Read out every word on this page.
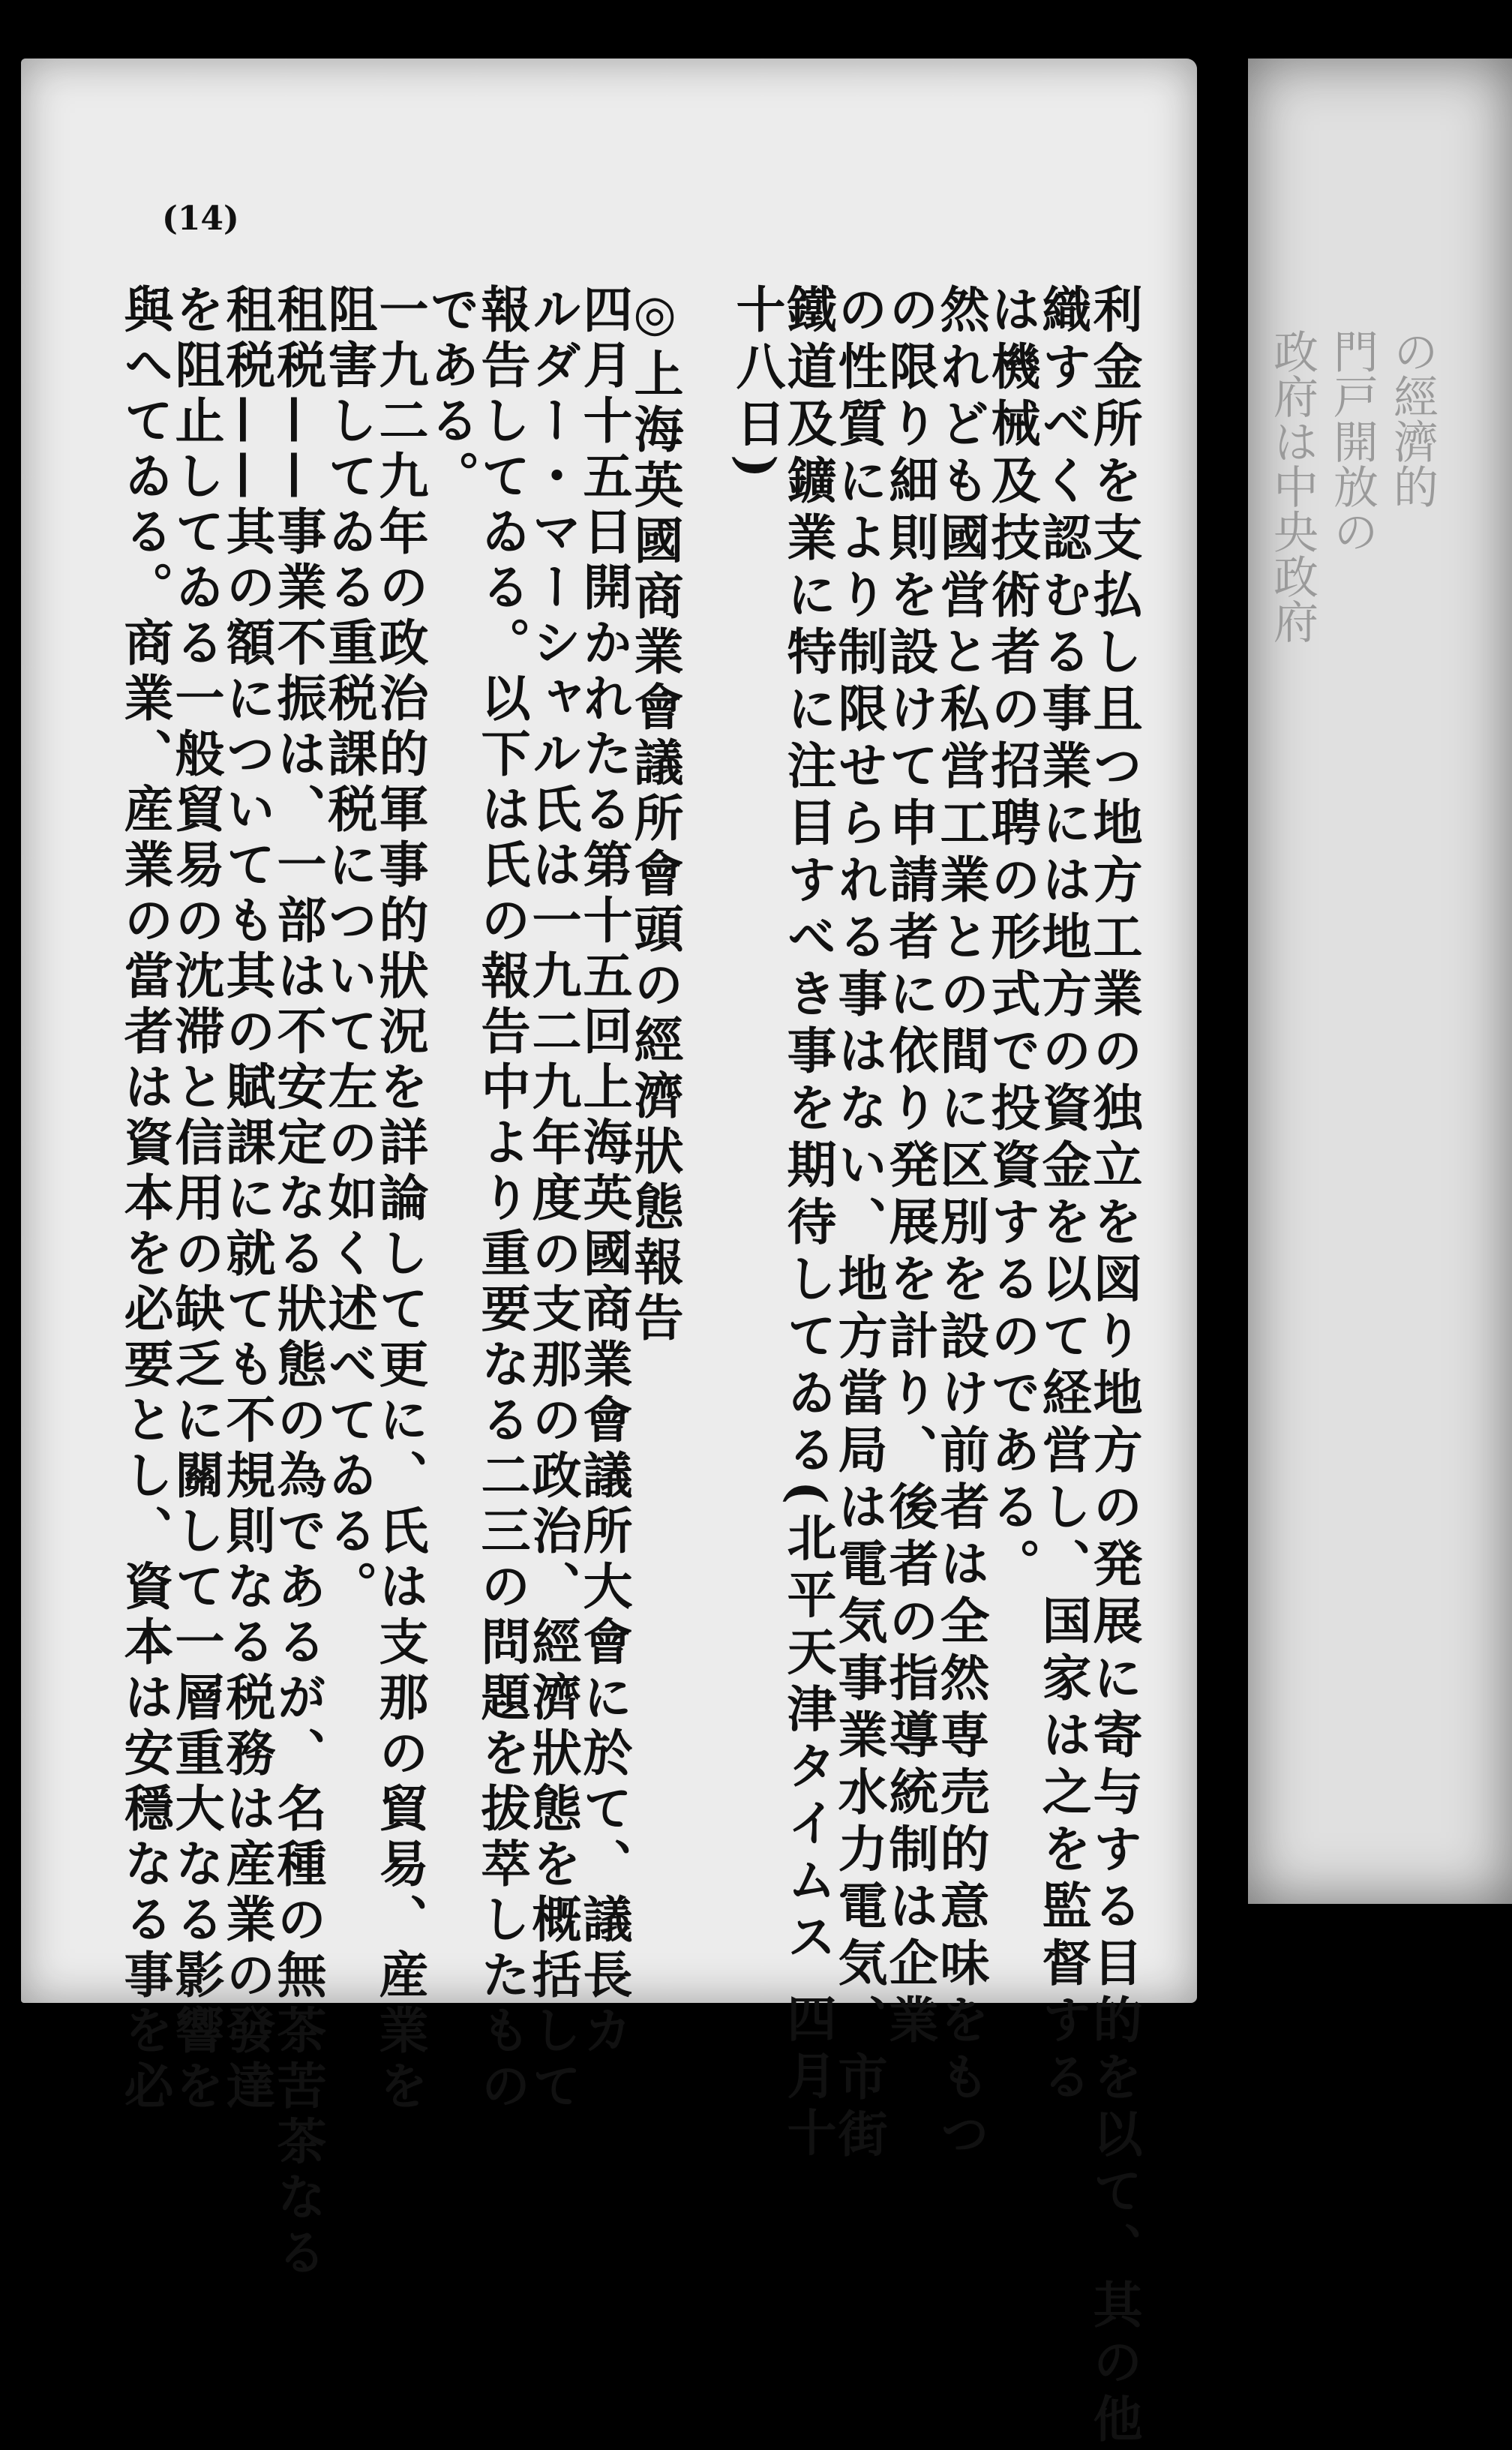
政府は中央政府 門戸開放の の經濟的
(14)
利金所を支払し且つ地方工業の独立を図り地方の発展に寄与する目的を以て、其の他
織すべく認むる事業には地方の資金を以て経営し、国家は之を監督する
は機械及技術者の招聘の形式で投資するのである。
然れども國営と私営工業との間に区別を設け前者は全然専売的意味をもつ
の限り細則を設けて申請者に依り発展を計り、後者の指導統制は企業
の性質により制限せられる事はない、地方當局は電気事業水力電気、市街
鐵道及鑛業に特に注目すべき事を期待してゐる(北平天津タイムス 四月十
十八日)
◎上海英國商業會議所會頭の經濟狀態報告
四月十五日開かれたる第十五回上海英國商業會議所大會に於て、議長カ
ルダー・マーシャル氏は一九二九年度の支那の政治、經濟狀態を概括して
報告してゐる。以下は氏の報告中より重要なる二三の問題を拔萃したもの
である。
一九二九年の政治的軍事的狀況を詳論して更に、氏は支那の貿易、産業を
阻害してゐる重税課税について左の如く述べてゐる。
租税——事業不振は、一部は不安定なる狀態の為であるが、名種の無茶苦茶なる
租税——其の額についても其の賦課に就ても不規則なる税務は産業の發達
を阻止してゐる一般貿易の沈滞と信用の缺乏に關して一層重大なる影響を
與へてゐる。商業、産業の當者は資本を必要とし、資本は安穩なる事を必
